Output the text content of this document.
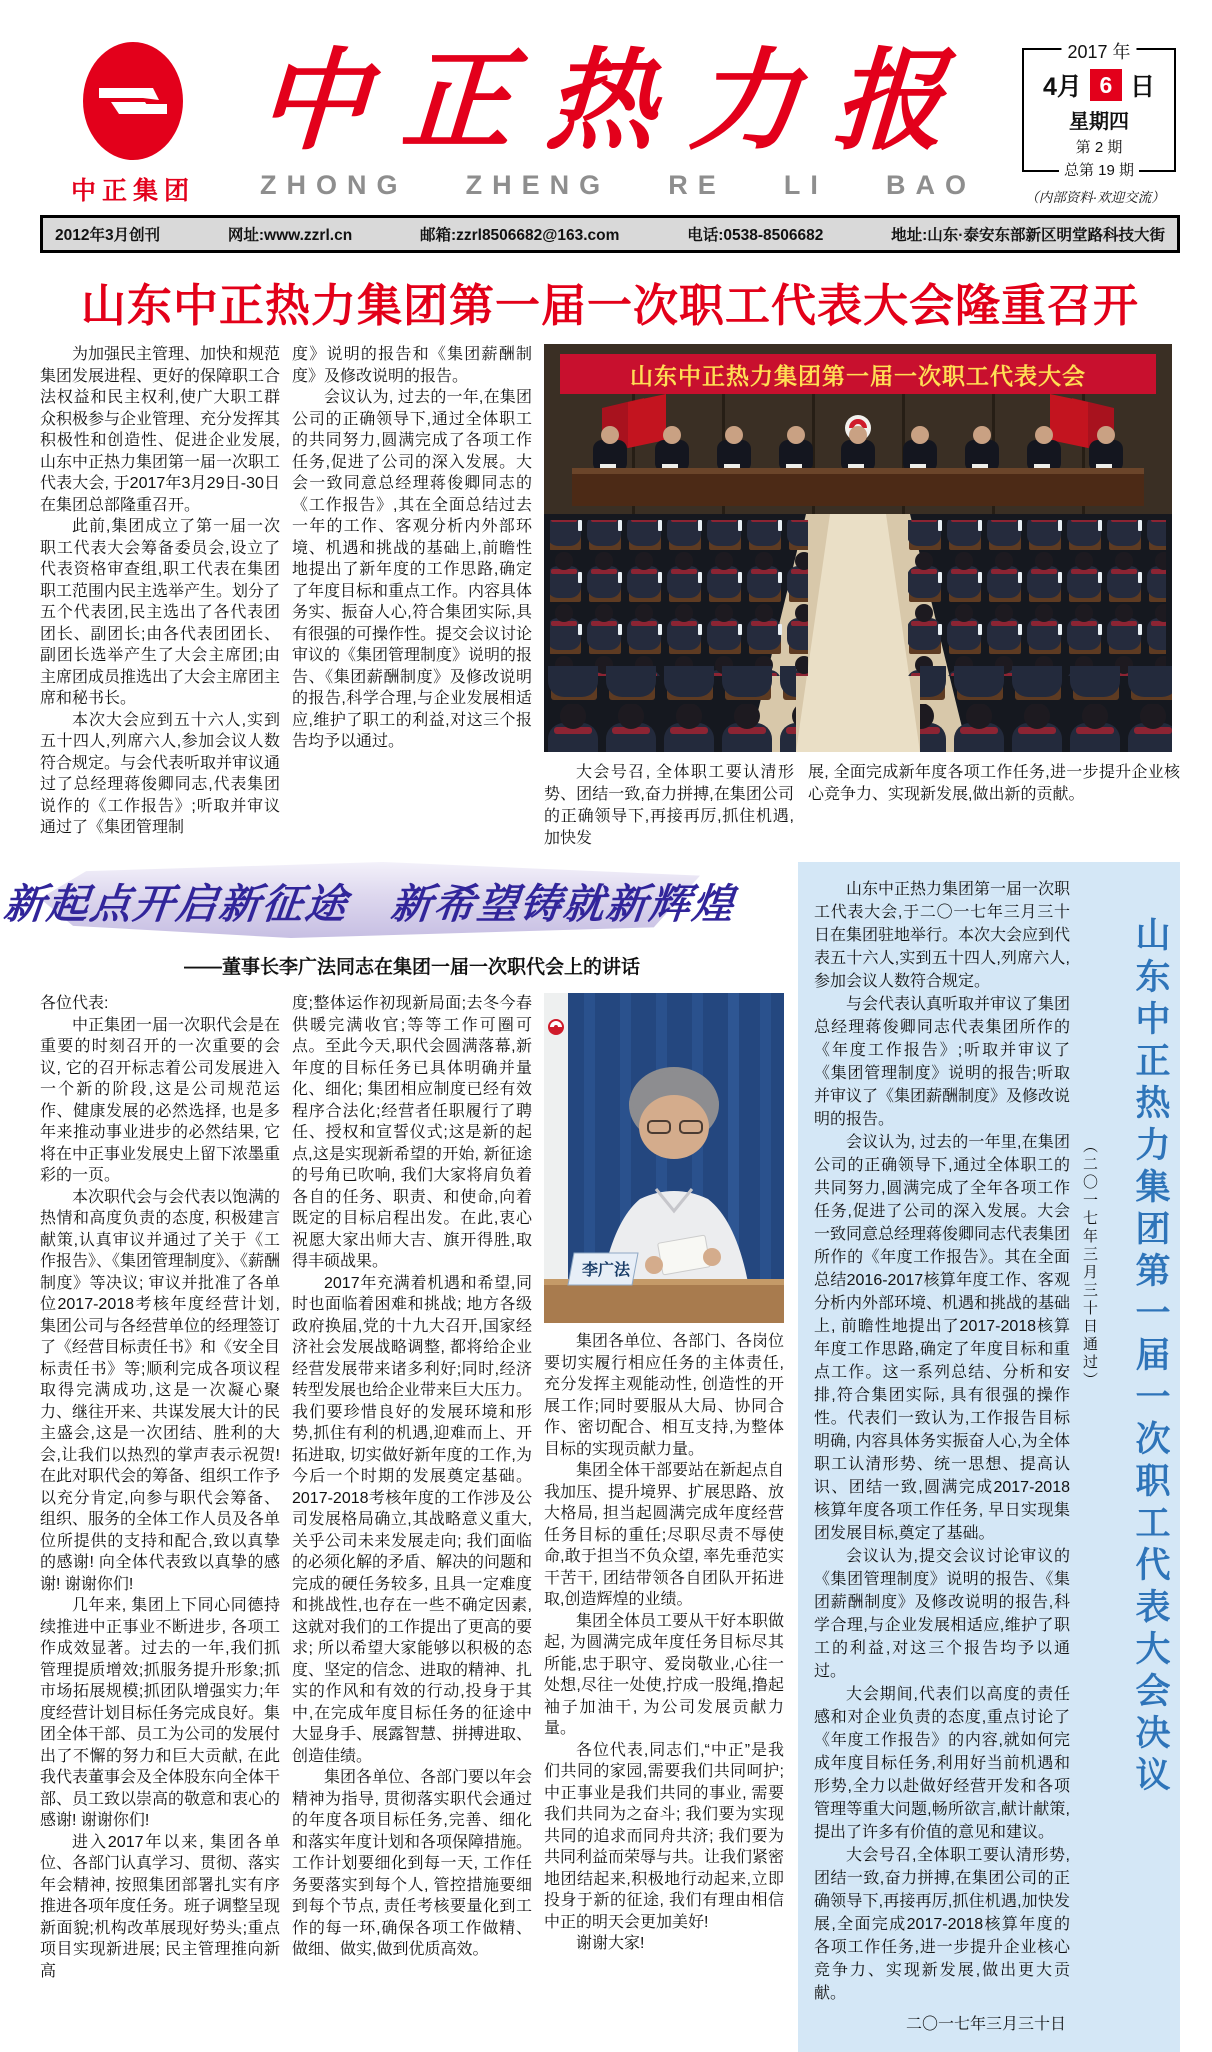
中正集团
中正热力报
ZHONG ZHENG RE LI BAO
2017 年
4月 6 日
星期四
第 2 期
总第 19 期
（内部资料·欢迎交流）
2012年3月创刊	网址:www.zzrl.cn	邮箱:zzrl8506682@163.com	电话:0538-8506682	地址:山东·泰安东部新区明堂路科技大街
山东中正热力集团第一届一次职工代表大会隆重召开

为加强民主管理、加快和规范集团发展进程、更好的保障职工合法权益和民主权利,使广大职工群众积极参与企业管理、充分发挥其积极性和创造性、促进企业发展,山东中正热力集团第一届一次职工代表大会, 于2017年3月29日-30日在集团总部隆重召开。

此前,集团成立了第一届一次职工代表大会筹备委员会,设立了代表资格审查组,职工代表在集团职工范围内民主选举产生。划分了五个代表团,民主选出了各代表团团长、副团长;由各代表团团长、副团长选举产生了大会主席团;由主席团成员推选出了大会主席团主席和秘书长。

本次大会应到五十六人,实到五十四人,列席六人,参加会议人数符合规定。与会代表听取并审议通过了总经理蒋俊卿同志,代表集团说作的《工作报告》;听取并审议通过了《集团管理制

度》说明的报告和《集团薪酬制度》及修改说明的报告。

会议认为, 过去的一年,在集团公司的正确领导下,通过全体职工的共同努力,圆满完成了各项工作任务,促进了公司的深入发展。大会一致同意总经理蒋俊卿同志的《工作报告》,其在全面总结过去一年的工作、客观分析内外部环境、机遇和挑战的基础上,前瞻性地提出了新年度的工作思路,确定了年度目标和重点工作。内容具体务实、振奋人心,符合集团实际,具有很强的可操作性。提交会议讨论审议的《集团管理制度》说明的报告、《集团薪酬制度》及修改说明的报告,科学合理,与企业发展相适应,维护了职工的利益,对这三个报告均予以通过。

山东中正热力集团第一届一次职工代表大会

大会号召, 全体职工要认清形势、团结一致,奋力拼搏,在集团公司的正确领导下,再接再厉,抓住机遇,加快发

展, 全面完成新年度各项工作任务,进一步提升企业核心竞争力、实现新发展,做出新的贡献。

新起点开启新征途　新希望铸就新辉煌
——董事长李广法同志在集团一届一次职代会上的讲话

各位代表:

中正集团一届一次职代会是在重要的时刻召开的一次重要的会议, 它的召开标志着公司发展进入一个新的阶段,这是公司规范运作、健康发展的必然选择, 也是多年来推动事业进步的必然结果, 它将在中正事业发展史上留下浓墨重彩的一页。

本次职代会与会代表以饱满的热情和高度负责的态度, 积极建言献策,认真审议并通过了关于《工作报告》、《集团管理制度》、《薪酬制度》等决议; 审议并批准了各单位2017-2018考核年度经营计划,集团公司与各经营单位的经理签订了《经营目标责任书》和《安全目标责任书》等;顺利完成各项议程取得完满成功,这是一次凝心聚力、继往开来、共谋发展大计的民主盛会,这是一次团结、胜利的大会,让我们以热烈的掌声表示祝贺! 在此对职代会的筹备、组织工作予以充分肯定,向参与职代会筹备、组织、服务的全体工作人员及各单位所提供的支持和配合,致以真挚的感谢! 向全体代表致以真挚的感谢! 谢谢你们!

几年来, 集团上下同心同德持续推进中正事业不断进步, 各项工作成效显著。过去的一年,我们抓管理提质增效;抓服务提升形象;抓市场拓展规模;抓团队增强实力;年度经营计划目标任务完成良好。集团全体干部、员工为公司的发展付出了不懈的努力和巨大贡献, 在此我代表董事会及全体股东向全体干部、员工致以崇高的敬意和衷心的感谢! 谢谢你们!

进入2017年以来, 集团各单位、各部门认真学习、贯彻、落实年会精神, 按照集团部署扎实有序推进各项年度任务。班子调整呈现新面貌;机构改革展现好势头;重点项目实现新进展; 民主管理推向新高

度;整体运作初现新局面;去冬今春供暖完满收官;等等工作可圈可点。至此今天,职代会圆满落幕,新年度的目标任务已具体明确并量化、细化; 集团相应制度已经有效程序合法化;经营者任职履行了聘任、授权和宣誓仪式;这是新的起点,这是实现新希望的开始, 新征途的号角已吹响, 我们大家将肩负着各自的任务、职责、和使命,向着既定的目标启程出发。在此,衷心祝愿大家出师大吉、旗开得胜,取得丰硕战果。

2017年充满着机遇和希望,同时也面临着困难和挑战; 地方各级政府换届,党的十九大召开,国家经济社会发展战略调整, 都将给企业经营发展带来诸多利好;同时,经济转型发展也给企业带来巨大压力。我们要珍惜良好的发展环境和形势,抓住有利的机遇,迎难而上、开拓进取, 切实做好新年度的工作,为今后一个时期的发展奠定基础。2017-2018考核年度的工作涉及公司发展格局确立,其战略意义重大,关乎公司未来发展走向; 我们面临的必须化解的矛盾、解决的问题和完成的硬任务较多, 且具一定难度和挑战性,也存在一些不确定因素,这就对我们的工作提出了更高的要求; 所以希望大家能够以积极的态度、坚定的信念、进取的精神、扎实的作风和有效的行动,投身于其中,在完成年度目标任务的征途中大显身手、展露智慧、拼搏进取、创造佳绩。

集团各单位、各部门要以年会精神为指导, 贯彻落实职代会通过的年度各项目标任务,完善、细化和落实年度计划和各项保障措施。工作计划要细化到每一天, 工作任务要落实到每个人, 管控措施要细到每个节点, 责任考核要量化到工作的每一环,确保各项工作做精、做细、做实,做到优质高效。

李广法

集团各单位、各部门、各岗位要切实履行相应任务的主体责任,充分发挥主观能动性, 创造性的开展工作;同时要服从大局、协同合作、密切配合、相互支持,为整体目标的实现贡献力量。

集团全体干部要站在新起点自我加压、提升境界、扩展思路、放大格局, 担当起圆满完成年度经营任务目标的重任;尽职尽责不辱使命,敢于担当不负众望, 率先垂范实干苦干, 团结带领各自团队开拓进取,创造辉煌的业绩。

集团全体员工要从干好本职做起, 为圆满完成年度任务目标尽其所能,忠于职守、爱岗敬业,心往一处想,尽往一处使,拧成一股绳,撸起袖子加油干, 为公司发展贡献力量。

各位代表,同志们,“中正”是我们共同的家园,需要我们共同呵护;中正事业是我们共同的事业, 需要我们共同为之奋斗; 我们要为实现共同的追求而同舟共济; 我们要为共同利益而荣辱与共。让我们紧密地团结起来,积极地行动起来,立即投身于新的征途, 我们有理由相信中正的明天会更加美好!

谢谢大家!

山东中正热力集团第一届一次职工代表大会,于二〇一七年三月三十日在集团驻地举行。本次大会应到代表五十六人,实到五十四人,列席六人,参加会议人数符合规定。

与会代表认真听取并审议了集团总经理蒋俊卿同志代表集团所作的《年度工作报告》;听取并审议了《集团管理制度》说明的报告;听取并审议了《集团薪酬制度》及修改说明的报告。

会议认为, 过去的一年里,在集团公司的正确领导下,通过全体职工的共同努力,圆满完成了全年各项工作任务,促进了公司的深入发展。大会一致同意总经理蒋俊卿同志代表集团所作的《年度工作报告》。其在全面总结2016-2017核算年度工作、客观分析内外部环境、机遇和挑战的基础上, 前瞻性地提出了2017-2018核算年度工作思路,确定了年度目标和重点工作。这一系列总结、分析和安排,符合集团实际, 具有很强的操作性。代表们一致认为,工作报告目标明确, 内容具体务实振奋人心,为全体职工认清形势、统一思想、提高认识、团结一致,圆满完成2017-2018核算年度各项工作任务, 早日实现集团发展目标,奠定了基础。

会议认为,提交会议讨论审议的《集团管理制度》说明的报告、《集团薪酬制度》及修改说明的报告,科学合理,与企业发展相适应,维护了职工的利益,对这三个报告均予以通过。

大会期间,代表们以高度的责任感和对企业负责的态度,重点讨论了《年度工作报告》的内容,就如何完成年度目标任务,利用好当前机遇和形势,全力以赴做好经营开发和各项管理等重大问题,畅所欲言,献计献策,提出了许多有价值的意见和建议。

大会号召,全体职工要认清形势,团结一致,奋力拼搏,在集团公司的正确领导下,再接再厉,抓住机遇,加快发展,全面完成2017-2018核算年度的各项工作任务,进一步提升企业核心竞争力、实现新发展,做出更大贡献。

二〇一七年三月三十日

（二〇一七年三月三十日通过） 山东中正热力集团第一届一次职工代表大会决议
